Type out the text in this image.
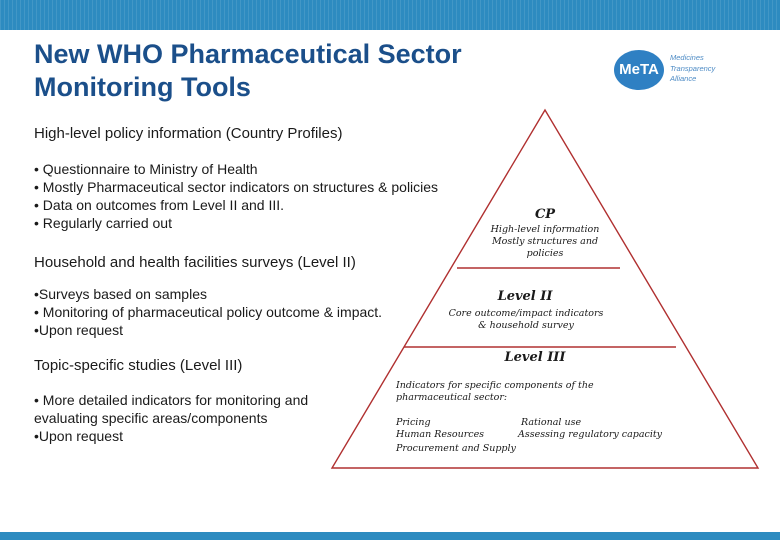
New WHO Pharmaceutical Sector
Monitoring Tools
MeTA
Medicines
Transparency
Alliance
High-level policy information (Country Profiles)
• Questionnaire to Ministry of Health
• Mostly Pharmaceutical sector indicators on structures & policies
• Data on outcomes from Level II and III.
• Regularly carried out
Household and health facilities surveys (Level II)
•Surveys based on samples
• Monitoring of pharmaceutical policy outcome & impact.
•Upon request
Topic-specific studies (Level III)
• More detailed indicators for monitoring and
evaluating specific areas/components
•Upon request
CP
High-level information
Mostly structures and
policies
Level II
Core outcome/impact indicators
& household survey
Level III
Indicators for specific components of the
pharmaceutical sector:
Pricing
Human Resources
Procurement and Supply
Rational use
Assessing regulatory capacity
